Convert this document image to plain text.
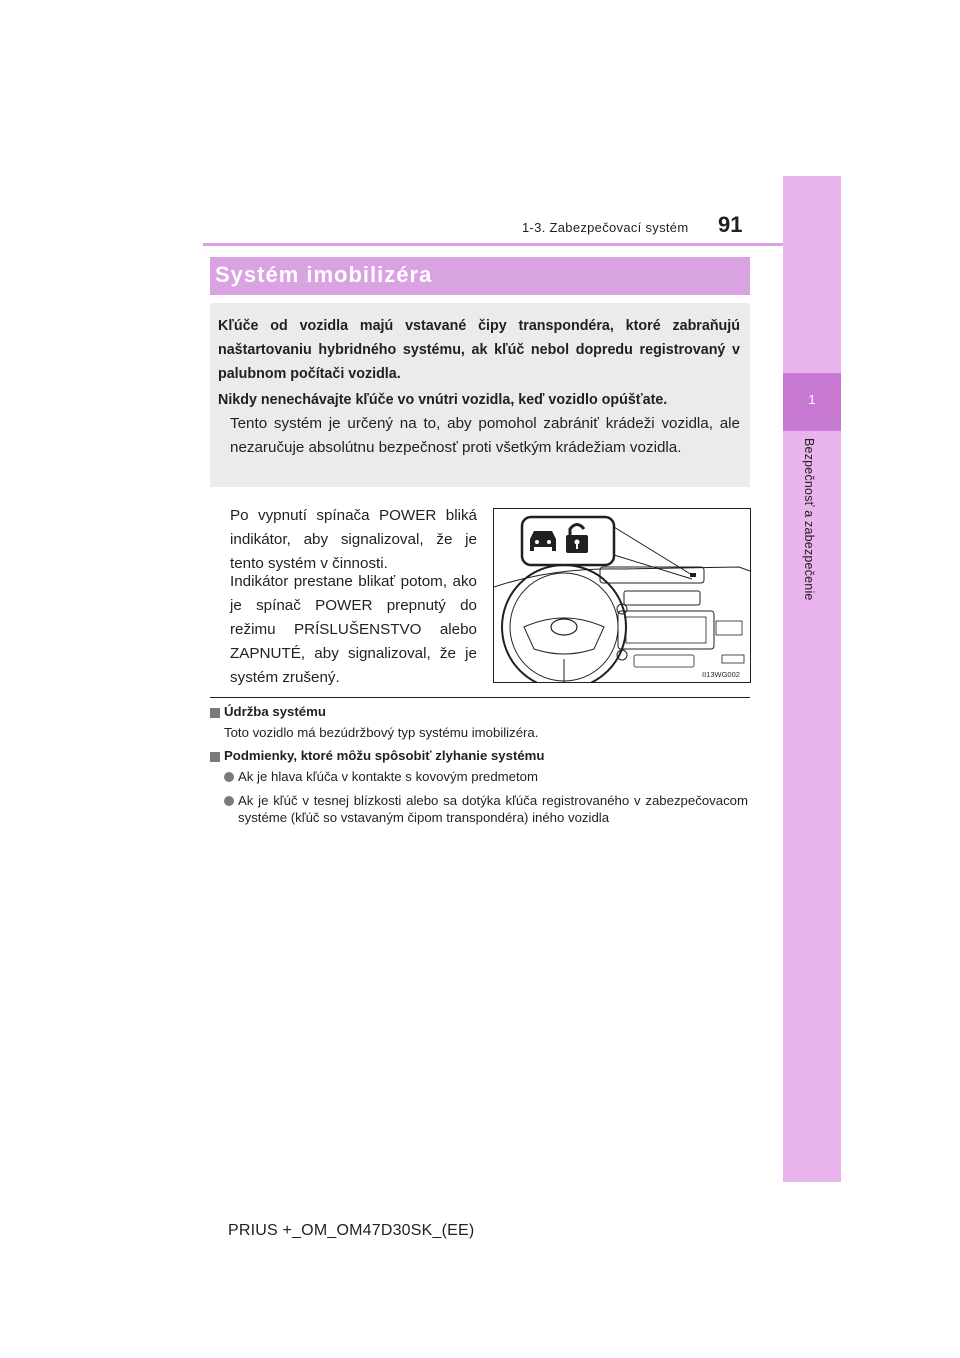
1-3. Zabezpečovací systém 91
1
Bezpečnosť a zabezpečenie
Systém imobilizéra

Kľúče od vozidla majú vstavané čipy transpondéra, ktoré zabraňujú naštartovaniu hybridného systému, ak kľúč nebol dopredu registrovaný v palubnom počítači vozidla.

Nikdy nenechávajte kľúče vo vnútri vozidla, keď vozidlo opúšťate.

Tento systém je určený na to, aby pomohol zabrániť krádeži vozidla, ale nezaručuje absolútnu bezpečnosť proti všetkým krádežiam vozidla.

Po vypnutí spínača POWER bliká indikátor, aby signalizoval, že je tento systém v činnosti.

Indikátor prestane blikať potom, ako je spínač POWER prepnutý do režimu PRÍSLUŠENSTVO alebo ZAPNUTÉ, aby signalizoval, že je systém zrušený.	II13WG002
Údržba systému
Toto vozidlo má bezúdržbový typ systému imobilizéra.
Podmienky, ktoré môžu spôsobiť zlyhanie systému

Ak je hlava kľúča v kontakte s kovovým predmetom

Ak je kľúč v tesnej blízkosti alebo sa dotýka kľúča registrovaného v zabezpečovacom systéme (kľúč so vstavaným čipom transpondéra) iného vozidla

PRIUS +_OM_OM47D30SK_(EE)
